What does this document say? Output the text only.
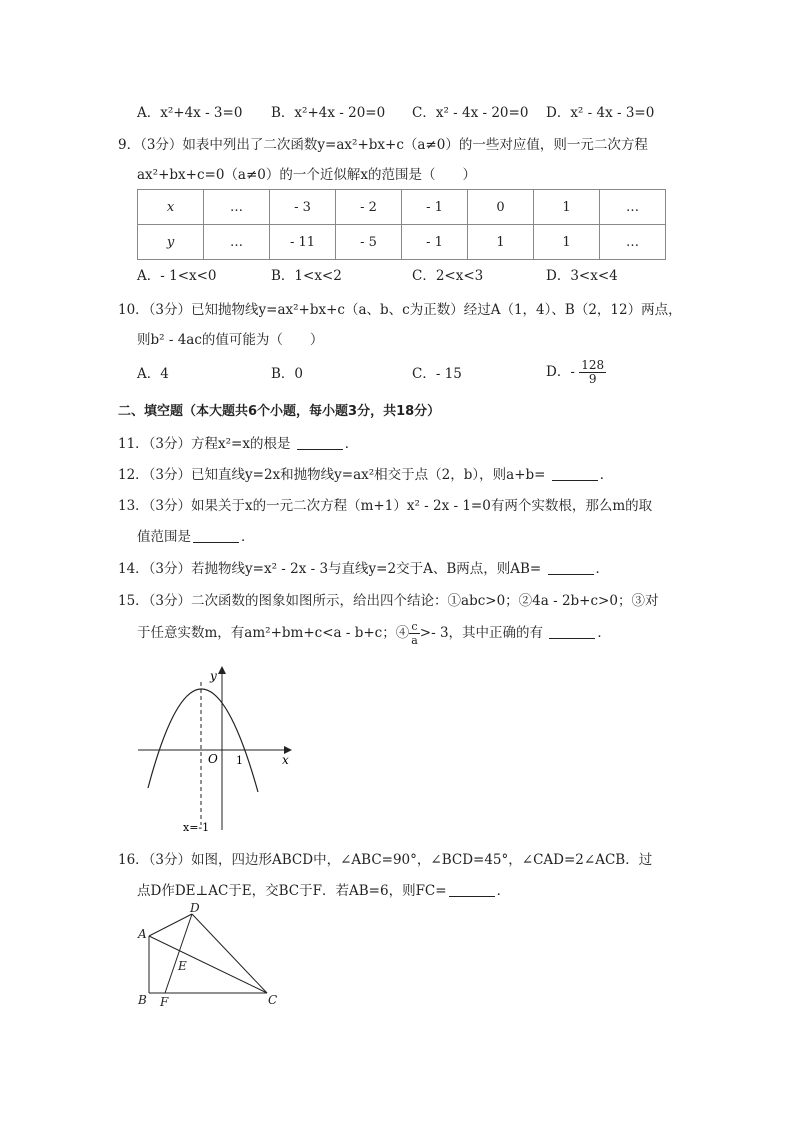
A．x²+4x - 3=0 B．x²+4x - 20=0 C．x² - 4x - 20=0 D．x² - 4x - 3=0
9．（3分）如表中列出了二次函数y=ax²+bx+c（a≠0）的一些对应值，则一元二次方程
ax²+bx+c=0（a≠0）的一个近似解x的范围是（　　）
x	…	- 3	- 2	- 1	0	1	…
y	…	- 11	- 5	- 1	1	1	…
A．- 1<x<0	B．1<x<2	C．2<x<3	D．3<x<4
10．（3分）已知抛物线y=ax²+bx+c（a、b、c为正数）经过A（1，4）、B（2，12）两点，
则b² - 4ac的值可能为（　　）
A．4	B．0	C．- 15	D．- $\frac{128}{9}$
二、填空题（本大题共6个小题，每小题3分，共18分）
11．（3分）方程x²=x的根是	．
12．（3分）已知直线y=2x和抛物线y=ax²相交于点（2，b），则a+b=	．
13．（3分）如果关于x的一元二次方程（m+1）x² - 2x - 1=0有两个实数根，那么m的取
值范围是	．
14．（3分）若抛物线y=x² - 2x - 3与直线y=2交于A、B两点，则AB=	．
15．（3分）二次函数的图象如图所示，给出四个结论：①abc>0；②4a - 2b+c>0；③对
于任意实数m，有am²+bm+c<a - b+c；④ $\frac{c}{a} >- 3$，其中正确的有	．
y
x
O 1
x=-1
16．（3分）如图，四边形ABCD中，∠ABC=90°，∠BCD=45°，∠CAD=2∠ACB．过
点D作DE⊥AC于E，交BC于F．若AB=6，则FC=	．
A
B	C
D
E
F
